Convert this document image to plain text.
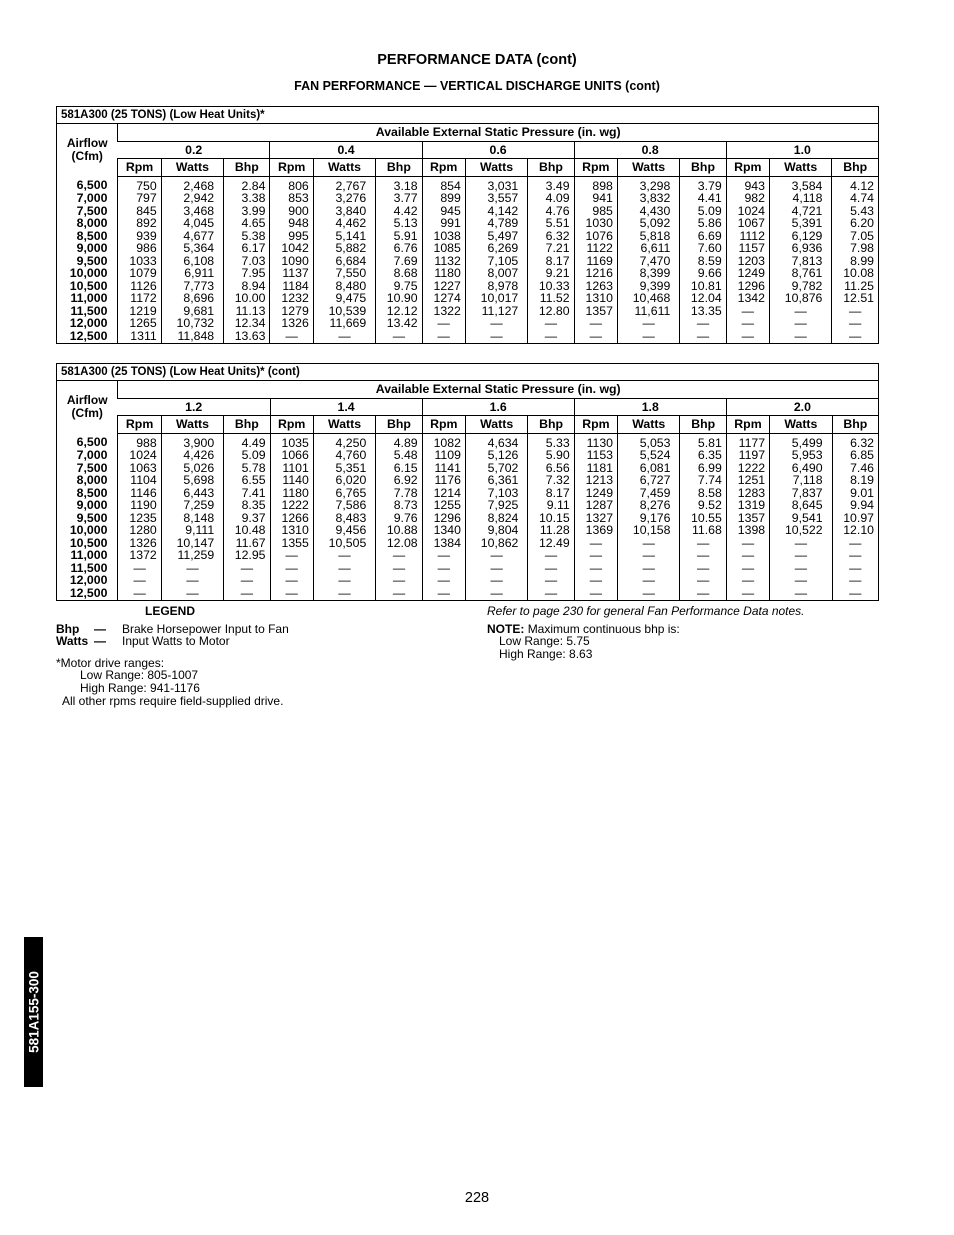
PERFORMANCE DATA (cont)
FAN PERFORMANCE — VERTICAL DISCHARGE UNITS (cont)
581A300 (25 TONS) (Low Heat Units)*															

Airflow
(Cfm)	Available External Static Pressure (in. wg)														
	0.2			0.4			0.6			0.8			1.0		
	Rpm	Watts	Bhp	Rpm	Watts	Bhp	Rpm	Watts	Bhp	Rpm	Watts	Bhp	Rpm	Watts	Bhp
6,500	750	2,468	2.84	806	2,767	3.18	854	3,031	3.49	898	3,298	3.79	943	3,584	4.12
7,000	797	2,942	3.38	853	3,276	3.77	899	3,557	4.09	941	3,832	4.41	982	4,118	4.74
7,500	845	3,468	3.99	900	3,840	4.42	945	4,142	4.76	985	4,430	5.09	1024	4,721	5.43
8,000	892	4,045	4.65	948	4,462	5.13	991	4,789	5.51	1030	5,092	5.86	1067	5,391	6.20
8,500	939	4,677	5.38	995	5,141	5.91	1038	5,497	6.32	1076	5,818	6.69	1112	6,129	7.05
9,000	986	5,364	6.17	1042	5,882	6.76	1085	6,269	7.21	1122	6,611	7.60	1157	6,936	7.98
9,500	1033	6,108	7.03	1090	6,684	7.69	1132	7,105	8.17	1169	7,470	8.59	1203	7,813	8.99
10,000	1079	6,911	7.95	1137	7,550	8.68	1180	8,007	9.21	1216	8,399	9.66	1249	8,761	10.08
10,500	1126	7,773	8.94	1184	8,480	9.75	1227	8,978	10.33	1263	9,399	10.81	1296	9,782	11.25
11,000	1172	8,696	10.00	1232	9,475	10.90	1274	10,017	11.52	1310	10,468	12.04	1342	10,876	12.51
11,500	1219	9,681	11.13	1279	10,539	12.12	1322	11,127	12.80	1357	11,611	13.35	—	—	—
12,000	1265	10,732	12.34	1326	11,669	13.42	—	—	—	—	—	—	—	—	—
12,500	1311	11,848	13.63	—	—	—	—	—	—	—	—	—	—	—	—
581A300 (25 TONS) (Low Heat Units)* (cont)															

Airflow
(Cfm)	Available External Static Pressure (in. wg)														
	1.2			1.4			1.6			1.8			2.0		
	Rpm	Watts	Bhp	Rpm	Watts	Bhp	Rpm	Watts	Bhp	Rpm	Watts	Bhp	Rpm	Watts	Bhp
6,500	988	3,900	4.49	1035	4,250	4.89	1082	4,634	5.33	1130	5,053	5.81	1177	5,499	6.32
7,000	1024	4,426	5.09	1066	4,760	5.48	1109	5,126	5.90	1153	5,524	6.35	1197	5,953	6.85
7,500	1063	5,026	5.78	1101	5,351	6.15	1141	5,702	6.56	1181	6,081	6.99	1222	6,490	7.46
8,000	1104	5,698	6.55	1140	6,020	6.92	1176	6,361	7.32	1213	6,727	7.74	1251	7,118	8.19
8,500	1146	6,443	7.41	1180	6,765	7.78	1214	7,103	8.17	1249	7,459	8.58	1283	7,837	9.01
9,000	1190	7,259	8.35	1222	7,586	8.73	1255	7,925	9.11	1287	8,276	9.52	1319	8,645	9.94
9,500	1235	8,148	9.37	1266	8,483	9.76	1296	8,824	10.15	1327	9,176	10.55	1357	9,541	10.97
10,000	1280	9,111	10.48	1310	9,456	10.88	1340	9,804	11.28	1369	10,158	11.68	1398	10,522	12.10
10,500	1326	10,147	11.67	1355	10,505	12.08	1384	10,862	12.49	—	—	—	—	—	—
11,000	1372	11,259	12.95	—	—	—	—	—	—	—	—	—	—	—	—
11,500	—	—	—	—	—	—	—	—	—	—	—	—	—	—	—
12,000	—	—	—	—	—	—	—	—	—	—	—	—	—	—	—
12,500	—	—	—	—	—	—	—	—	—	—	—	—	—	—	—
LEGEND
Bhp — Brake Horsepower Input to Fan
Watts — Input Watts to Motor
*Motor drive ranges:
Low Range: 805-1007
High Range: 941-1176
All other rpms require field-supplied drive.
Refer to page 230 for general Fan Performance Data notes.
NOTE: Maximum continuous bhp is:
Low Range: 5.75
High Range: 8.63
581A155-300
228
